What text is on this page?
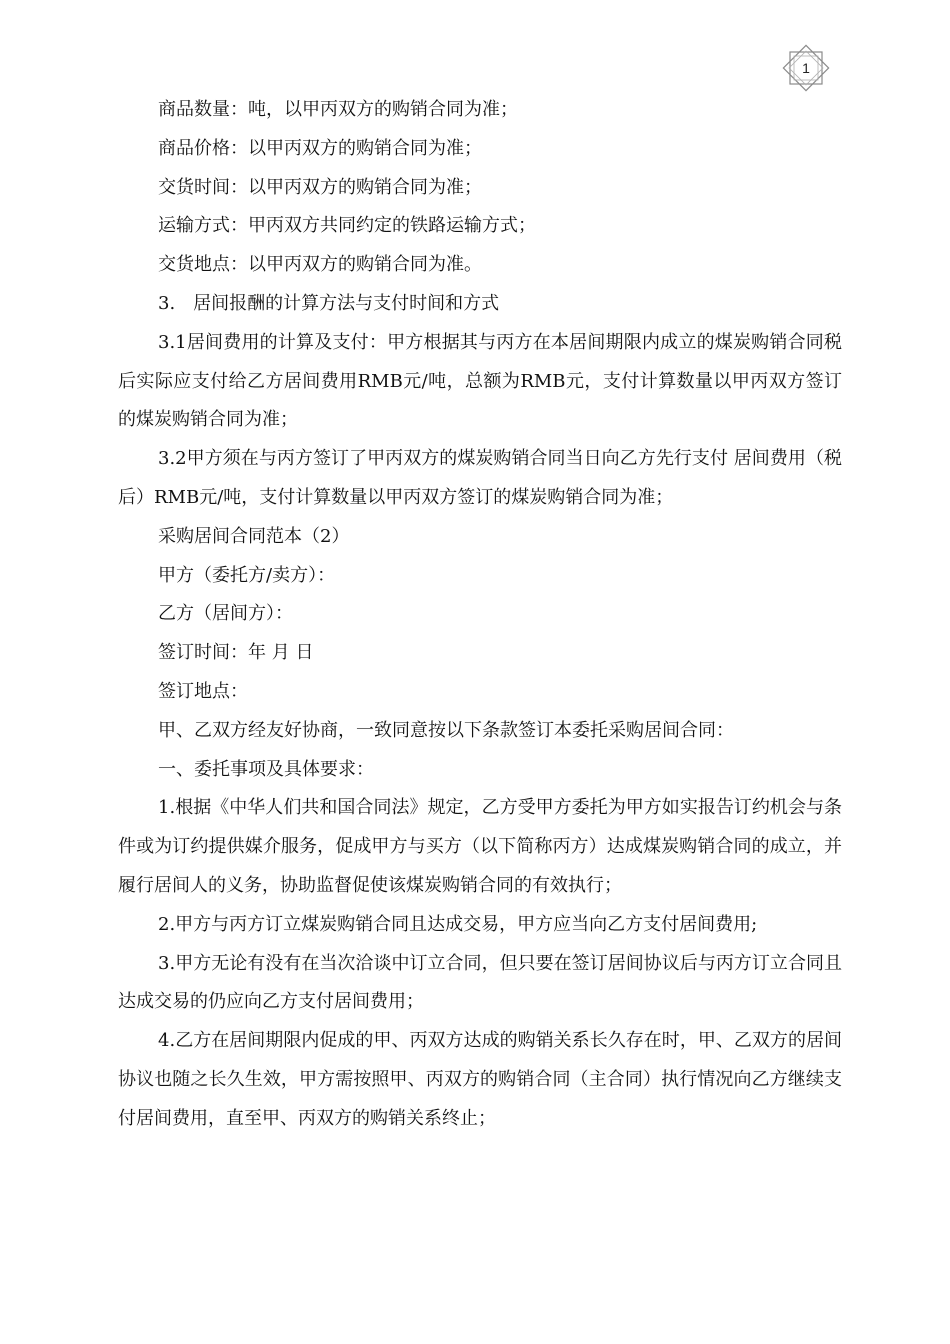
1

商品数量：吨，以甲丙双方的购销合同为准；

商品价格：以甲丙双方的购销合同为准；

交货时间：以甲丙双方的购销合同为准；

运输方式：甲丙双方共同约定的铁路运输方式；

交货地点：以甲丙双方的购销合同为准。

3.　居间报酬的计算方法与支付时间和方式

3.1居间费用的计算及支付：甲方根据其与丙方在本居间期限内成立的煤炭购销合同税后实际应支付给乙方居间费用RMB元/吨，总额为RMB元，支付计算数量以甲丙双方签订的煤炭购销合同为准；

3.2甲方须在与丙方签订了甲丙双方的煤炭购销合同当日向乙方先行支付 居间费用（税后）RMB元/吨，支付计算数量以甲丙双方签订的煤炭购销合同为准；

采购居间合同范本（2）

甲方（委托方/卖方）：

乙方（居间方）：

签订时间：年 月 日

签订地点：

甲、乙双方经友好协商，一致同意按以下条款签订本委托采购居间合同：

一、委托事项及具体要求：

1.根据《中华人们共和国合同法》规定，乙方受甲方委托为甲方如实报告订约机会与条件或为订约提供媒介服务，促成甲方与买方（以下简称丙方）达成煤炭购销合同的成立，并履行居间人的义务，协助监督促使该煤炭购销合同的有效执行；

2.甲方与丙方订立煤炭购销合同且达成交易，甲方应当向乙方支付居间费用;

3.甲方无论有没有在当次洽谈中订立合同，但只要在签订居间协议后与丙方订立合同且达成交易的仍应向乙方支付居间费用；

4.乙方在居间期限内促成的甲、丙双方达成的购销关系长久存在时，甲、乙双方的居间协议也随之长久生效，甲方需按照甲、丙双方的购销合同（主合同）执行情况向乙方继续支付居间费用，直至甲、丙双方的购销关系终止；
